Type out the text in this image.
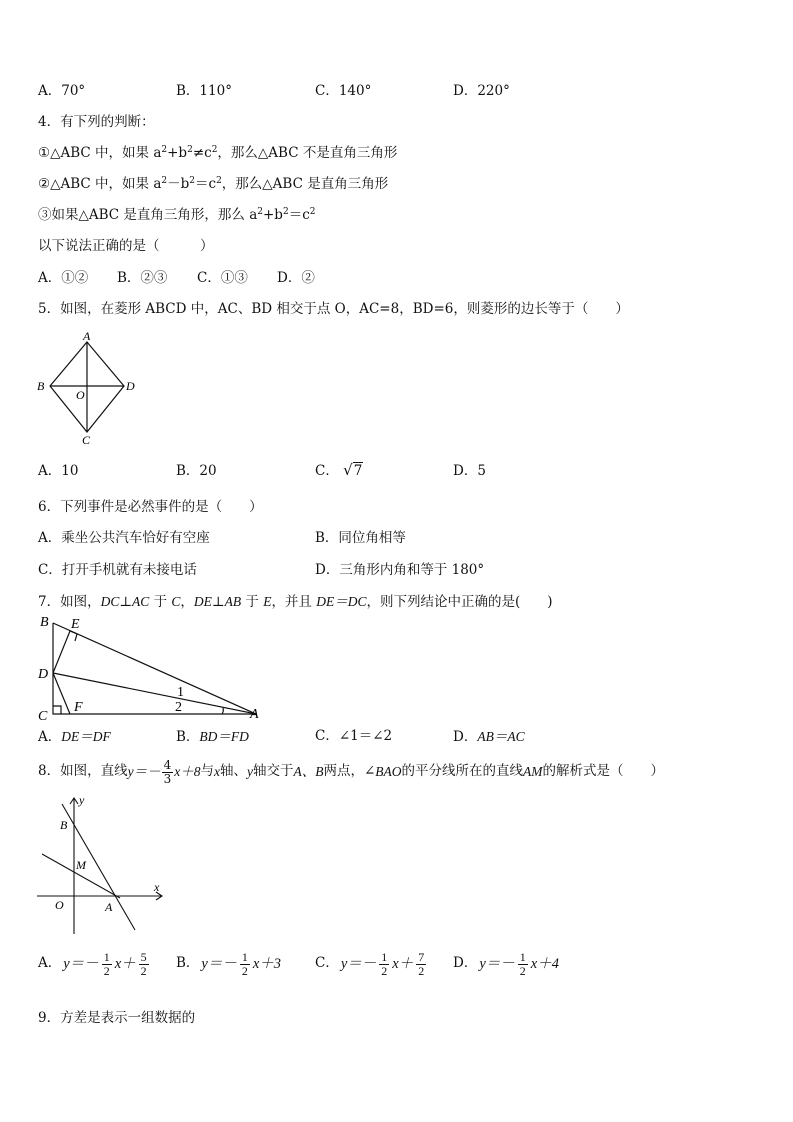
A．70°	B．110°	C．140°	D．220°
4．有下列的判断：
①△ABC 中，如果 $a^2+b^2\ne c^2$，那么△ABC 不是直角三角形
②△ABC 中，如果 $a^2-b^2=c^2$，那么△ABC 是直角三角形
③如果△ABC 是直角三角形，那么 $a^2+b^2=c^2$
以下说法正确的是（　　　）
A．①② B．②③ C．①③ D．②
5．如图，在菱形 ABCD 中，AC、BD 相交于点 O，AC=8，BD=6，则菱形的边长等于（　　）
A
B
C
D
O
A．10	B．20	C． √7	D．5
6．下列事件是必然事件的是（　　）
A．乘坐公共汽车恰好有空座	B．同位角相等
C．打开手机就有未接电话	D．三角形内角和等于 180°
7．如图，DC⊥AC 于 C，DE⊥AB 于 E，并且 DE＝DC，则下列结论中正确的是(　　)
B E
D
C
F	A
1
2
A．DE＝DF	B．BD＝FD	C．∠1＝∠2	D．AB＝AC
8．如图，直线 $y=- \frac{4}{3} x+8$ 与 x 轴、 y 轴交于 A、B 两点，∠ BAO 的平分线所在的直线 AM 的解析式是（　　）
y
x
B
M
O	A
A． $y=- \frac{1}{2} x+ \frac{5}{2}$ B． $y=- \frac{1}{2} x+3$	C． $y=- \frac{1}{2} x+ \frac{7}{2}$ D． $y=- \frac{1}{2} x+4$
9．方差是表示一组数据的
